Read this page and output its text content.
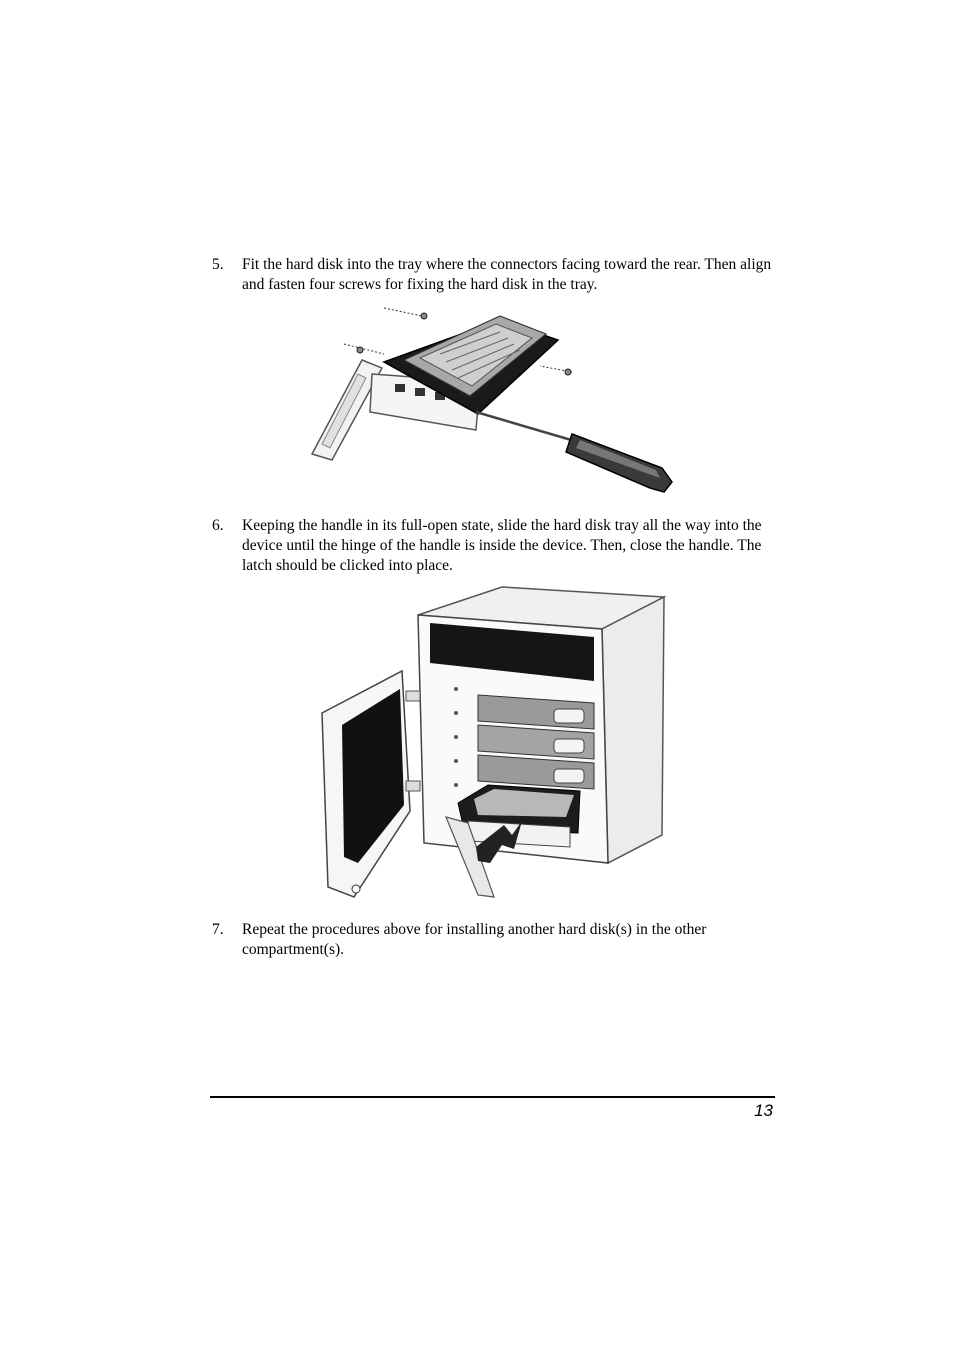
5. Fit the hard disk into the tray where the connectors facing toward the rear. Then align and fasten four screws for fixing the hard disk in the tray.
6. Keeping the handle in its full-open state, slide the hard disk tray all the way into the device until the hinge of the handle is inside the device. Then, close the handle. The latch should be clicked into place.
7. Repeat the procedures above for installing another hard disk(s) in the other compartment(s).
13
